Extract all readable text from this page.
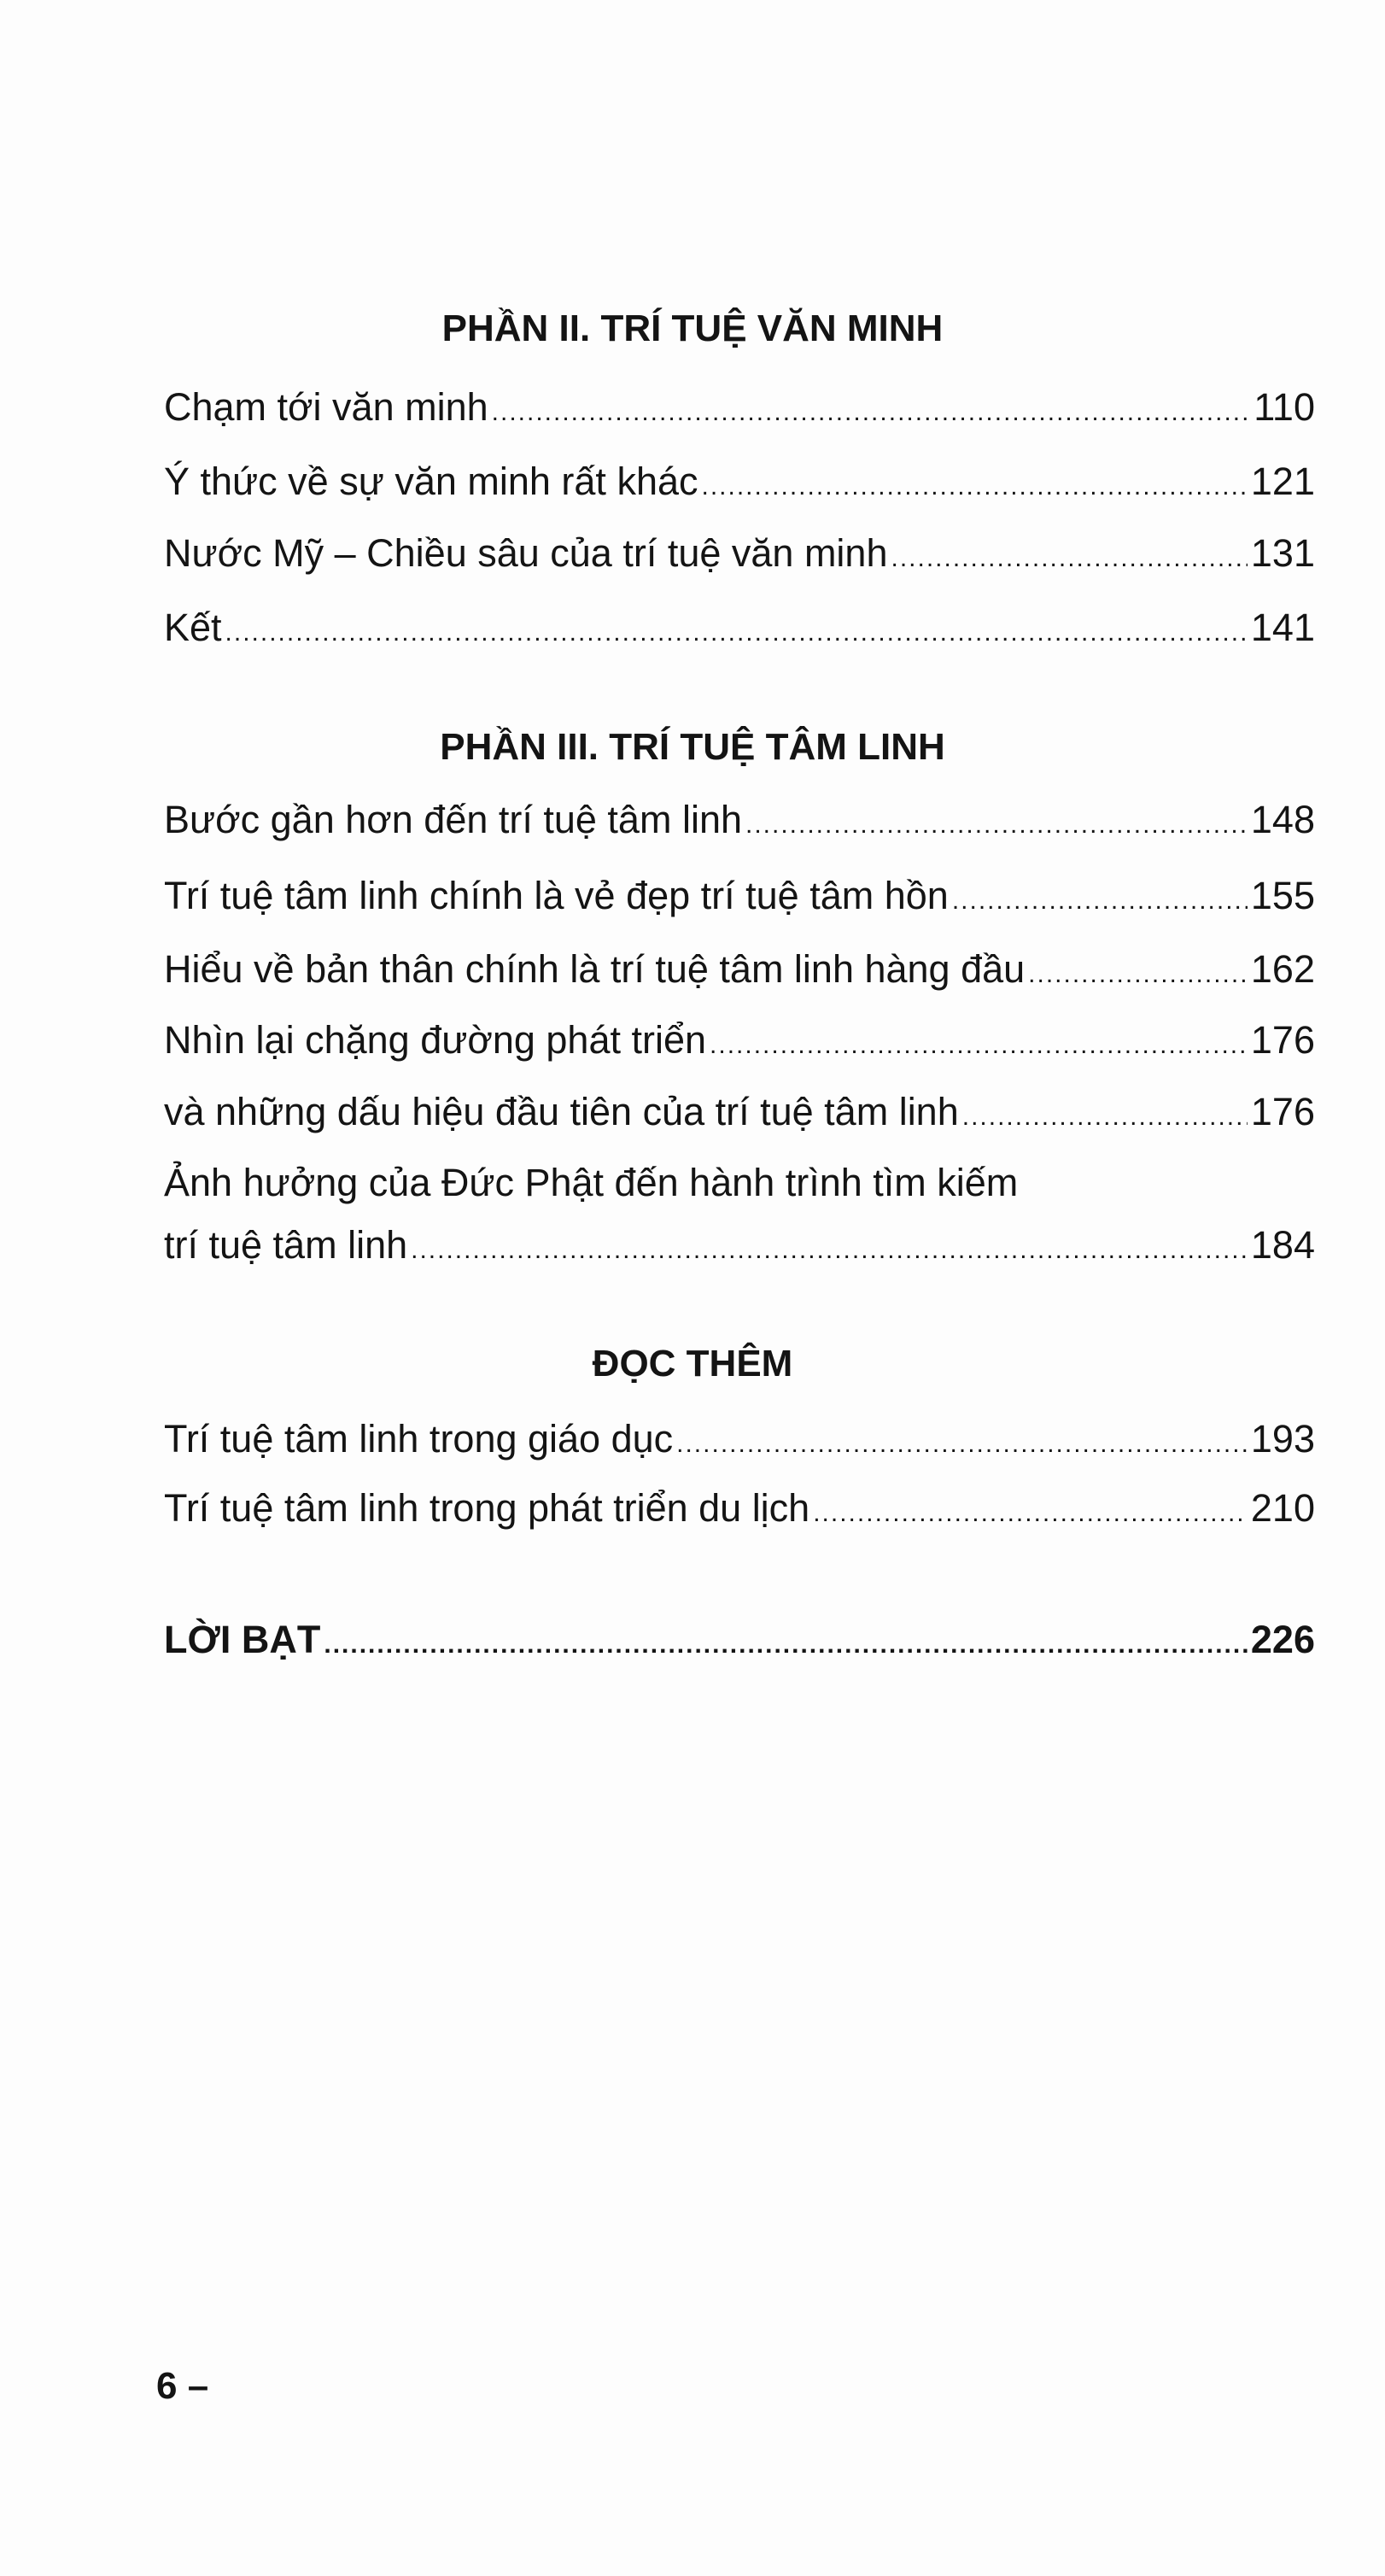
PHẦN II. TRÍ TUỆ VĂN MINH
Chạm tới văn minh .....	110
Ý thức về sự văn minh rất khác .....	121
Nước Mỹ – Chiều sâu của trí tuệ văn minh .....	131
Kết .....	141
PHẦN III. TRÍ TUỆ TÂM LINH
Bước gần hơn đến trí tuệ tâm linh .....	148
Trí tuệ tâm linh chính là vẻ đẹp trí tuệ tâm hồn .....	155
Hiểu về bản thân chính là trí tuệ tâm linh hàng đầu .....	162
Nhìn lại chặng đường phát triển .....	176
và những dấu hiệu đầu tiên của trí tuệ tâm linh .....	176
Ảnh hưởng của Đức Phật đến hành trình tìm kiếm
trí tuệ tâm linh .....	184
ĐỌC THÊM
Trí tuệ tâm linh trong giáo dục .....	193
Trí tuệ tâm linh trong phát triển du lịch .....	210
LỜI BẠT .....	226
6 –
